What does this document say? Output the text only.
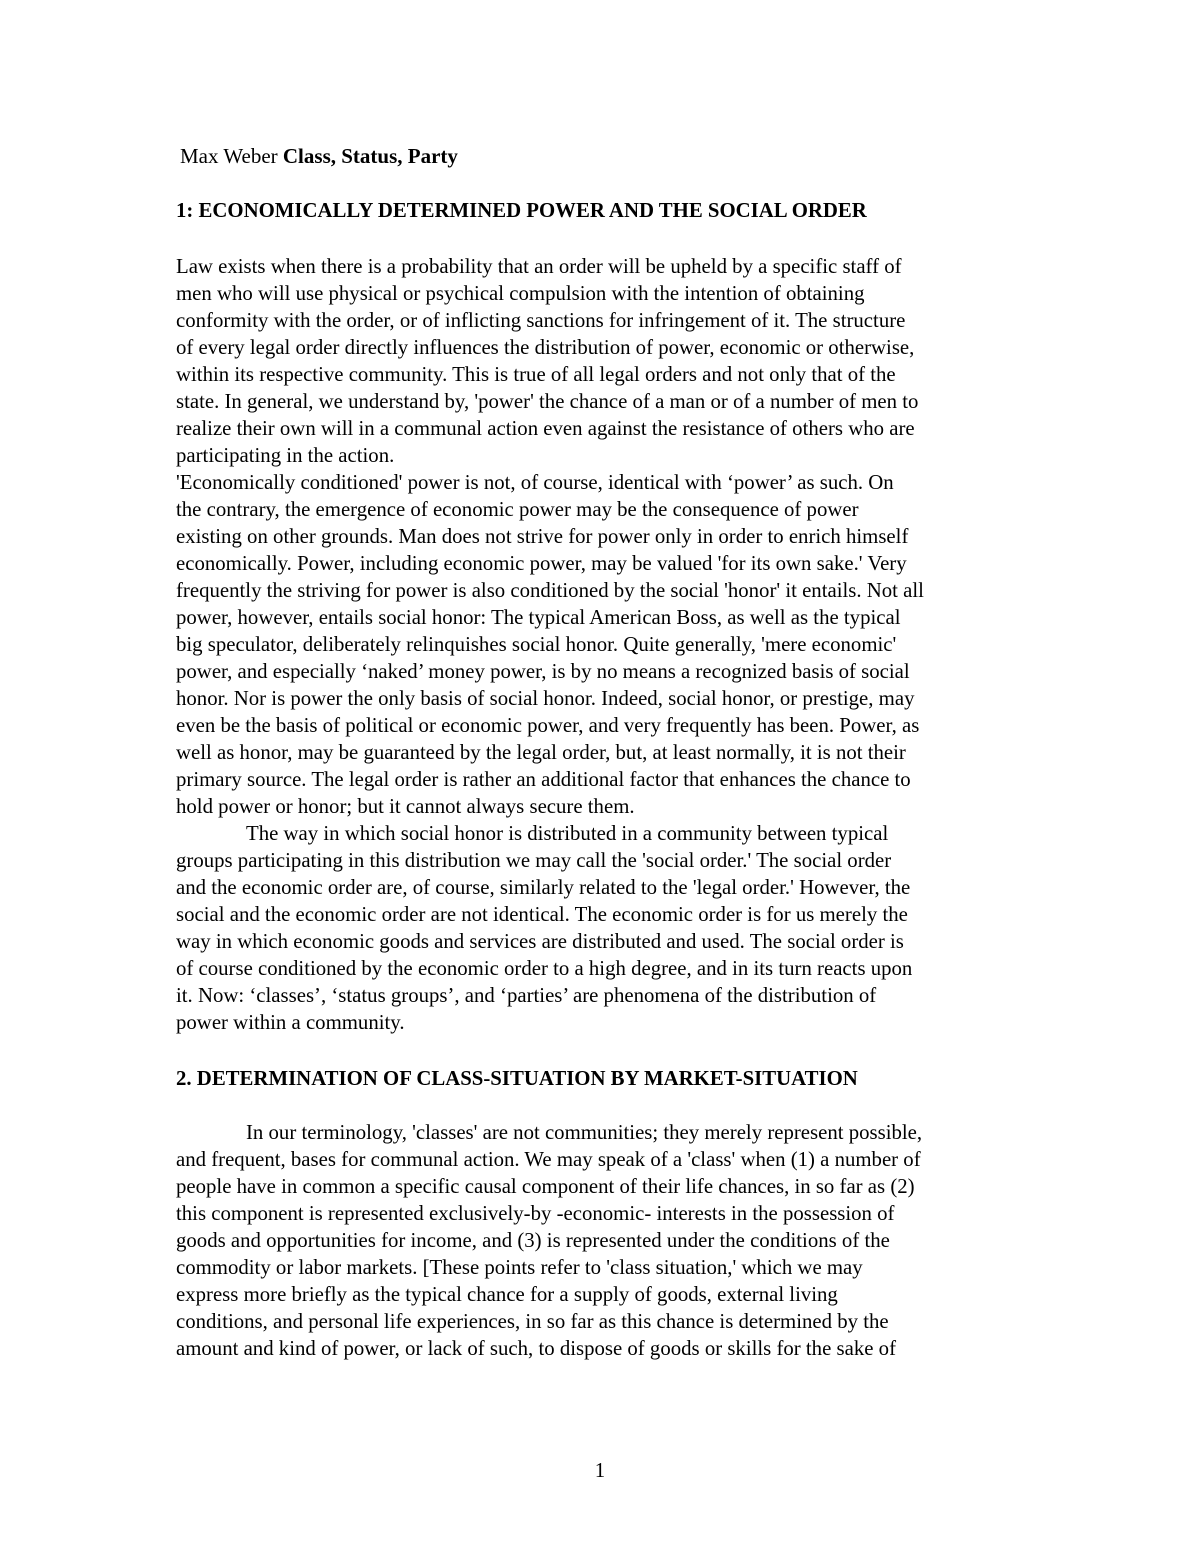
Max Weber Class, Status, Party
1: ECONOMICALLY DETERMINED POWER AND THE SOCIAL ORDER
Law exists when there is a probability that an order will be upheld by a specific staff of
men who will use physical or psychical compulsion with the intention of obtaining
conformity with the order, or of inflicting sanctions for infringement of it. The structure
of every legal order directly influences the distribution of power, economic or otherwise,
within its respective community. This is true of all legal orders and not only that of the
state. In general, we understand by, 'power' the chance of a man or of a number of men to
realize their own will in a communal action even against the resistance of others who are
participating in the action.
'Economically conditioned' power is not, of course, identical with ‘power’ as such. On
the contrary, the emergence of economic power may be the consequence of power
existing on other grounds. Man does not strive for power only in order to enrich himself
economically. Power, including economic power, may be valued 'for its own sake.' Very
frequently the striving for power is also conditioned by the social 'honor' it entails. Not all
power, however, entails social honor: The typical American Boss, as well as the typical
big speculator, deliberately relinquishes social honor. Quite generally, 'mere economic'
power, and especially ‘naked’ money power, is by no means a recognized basis of social
honor. Nor is power the only basis of social honor. Indeed, social honor, or prestige, may
even be the basis of political or economic power, and very frequently has been. Power, as
well as honor, may be guaranteed by the legal order, but, at least normally, it is not their
primary source. The legal order is rather an additional factor that enhances the chance to
hold power or honor; but it cannot always secure them.
The way in which social honor is distributed in a community between typical
groups participating in this distribution we may call the 'social order.' The social order
and the economic order are, of course, similarly related to the 'legal order.' However, the
social and the economic order are not identical. The economic order is for us merely the
way in which economic goods and services are distributed and used. The social order is
of course conditioned by the economic order to a high degree, and in its turn reacts upon
it. Now: ‘classes’, ‘status groups’, and ‘parties’ are phenomena of the distribution of
power within a community.
2. DETERMINATION OF CLASS-SITUATION BY MARKET-SITUATION
In our terminology, 'classes' are not communities; they merely represent possible,
and frequent, bases for communal action. We may speak of a 'class' when (1) a number of
people have in common a specific causal component of their life chances, in so far as (2)
this component is represented exclusively-by -economic- interests in the possession of
goods and opportunities for income, and (3) is represented under the conditions of the
commodity or labor markets. [These points refer to 'class situation,' which we may
express more briefly as the typical chance for a supply of goods, external living
conditions, and personal life experiences, in so far as this chance is determined by the
amount and kind of power, or lack of such, to dispose of goods or skills for the sake of
1
